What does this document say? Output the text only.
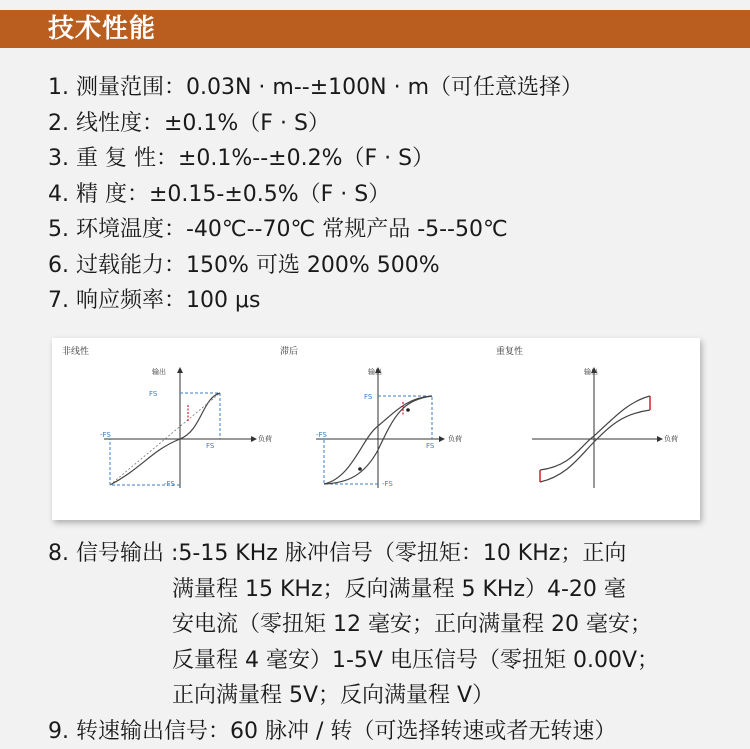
技术性能
1. 测量范围：0.03N · m--±100N · m（可任意选择）
2. 线性度：±0.1%（F · S）
3. 重 复 性：±0.1%--±0.2%（F · S）
4. 精 度：±0.15-±0.5%（F · S）
5. 环境温度：-40℃--70℃ 常规产品 -5--50℃
6. 过载能力：150% 可选 200% 500%
7. 响应频率：100 μs
非线性
输出
负荷
FS
-FS
FS
-FS
滞后
输出
负荷
FS
-FS
FS
-FS
重复性
输出
负荷
8. 信号输出 :5-15 KHz 脉冲信号（零扭矩：10 KHz；正向
满量程 15 KHz；反向满量程 5 KHz）4-20 毫
安电流（零扭矩 12 毫安；正向满量程 20 毫安；
反量程 4 毫安）1-5V 电压信号（零扭矩 0.00V；
正向满量程 5V；反向满量程 V）
9. 转速输出信号：60 脉冲 / 转（可选择转速或者无转速）
